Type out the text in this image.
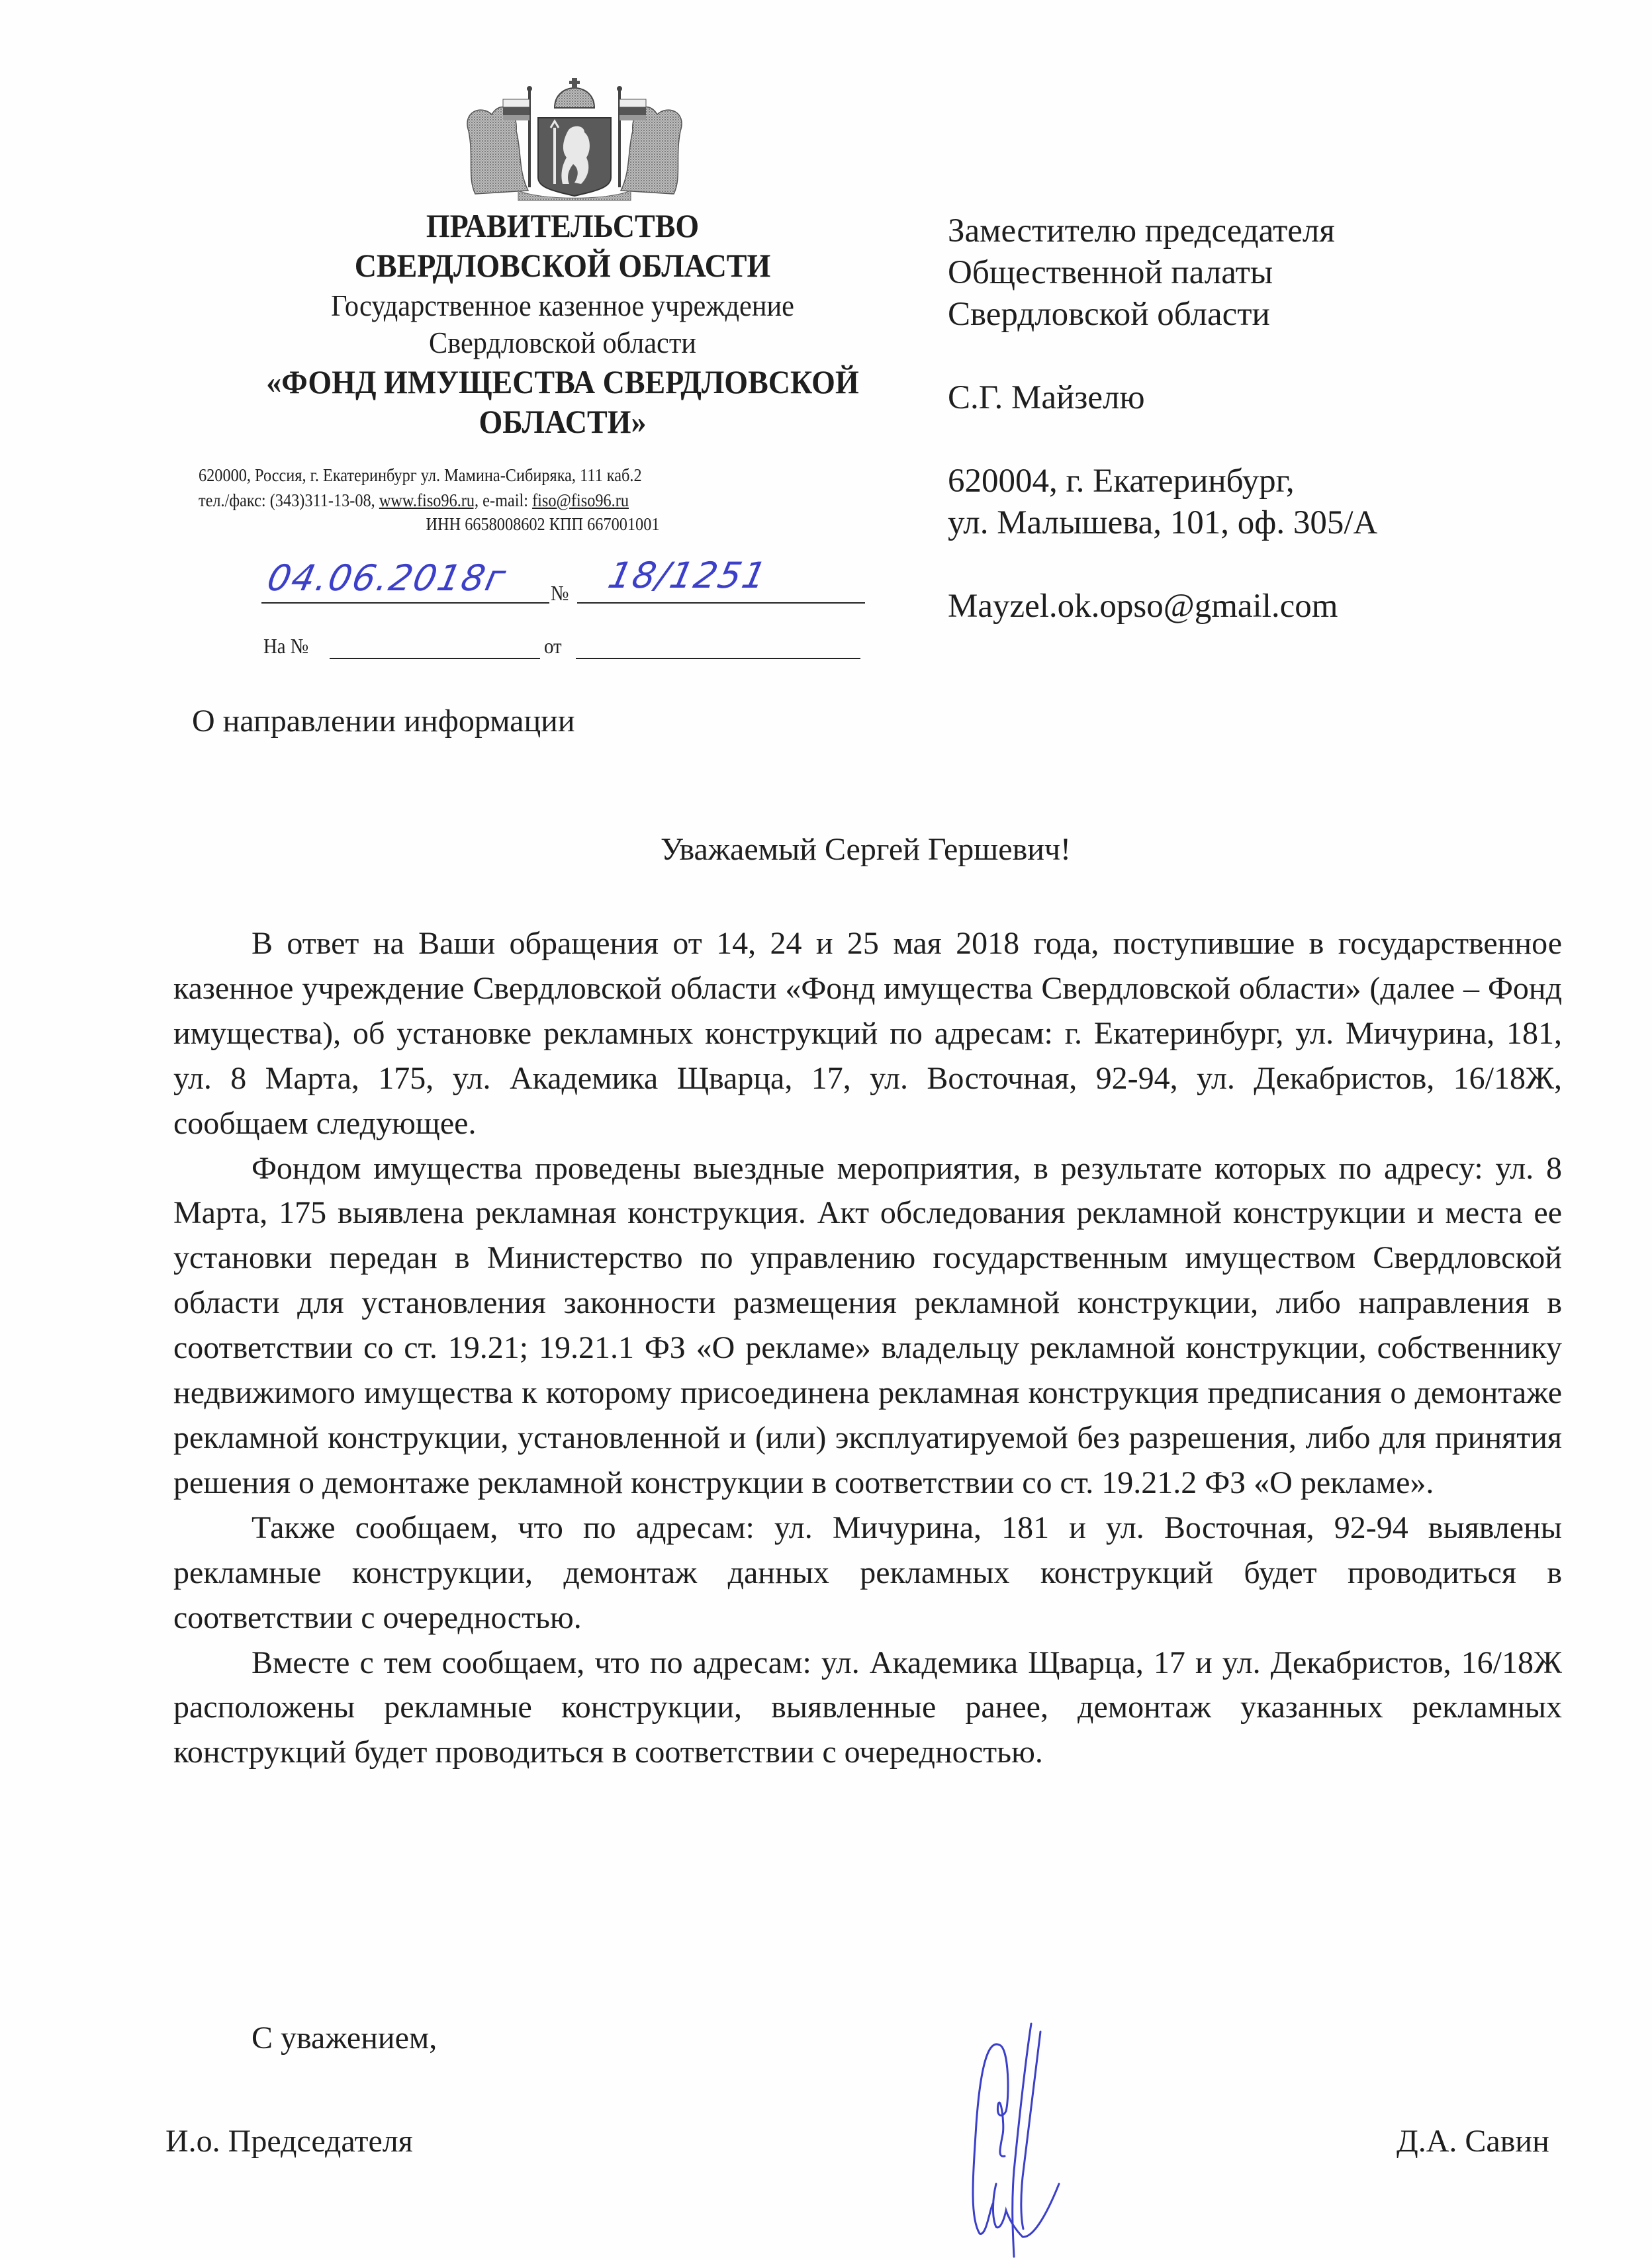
ПРАВИТЕЛЬСТВО
СВЕРДЛОВСКОЙ ОБЛАСТИ
Государственное казенное учреждение
Свердловской области
«ФОНД ИМУЩЕСТВА СВЕРДЛОВСКОЙ
ОБЛАСТИ»
620000, Россия, г. Екатеринбург ул. Мамина-Сибиряка, 111 каб.2
тел./факс: (343)311-13-08, www.fiso96.ru, e-mail: fiso@fiso96.ru
ИНН 6658008602 КПП 667001001
04.06.2018г № 18/1251
На №	от
Заместителю председателя
Общественной палаты
Свердловской области
С.Г. Майзелю
620004, г. Екатеринбург,
ул. Малышева, 101, оф. 305/А
Mayzel.ok.opso@gmail.com
О направлении информации
Уважаемый Сергей Гершевич!

В ответ на Ваши обращения от 14, 24 и 25 мая 2018 года, поступившие в государственное казенное учреждение Свердловской области «Фонд имущества Свердловской области» (далее – Фонд имущества), об установке рекламных конструкций по адресам: г. Екатеринбург, ул. Мичурина, 181, ул. 8 Марта, 175, ул. Академика Щварца, 17, ул. Восточная, 92-94, ул. Декабристов, 16/18Ж, сообщаем следующее.

Фондом имущества проведены выездные мероприятия, в результате которых по адресу: ул. 8 Марта, 175 выявлена рекламная конструкция. Акт обследования рекламной конструкции и места ее установки передан в Министерство по управлению государственным имуществом Свердловской области для установления законности размещения рекламной конструкции, либо направления в соответствии со ст. 19.21; 19.21.1 ФЗ «О рекламе» владельцу рекламной конструкции, собственнику недвижимого имущества к которому присоединена рекламная конструкция предписания о демонтаже рекламной конструкции, установленной и (или) эксплуатируемой без разрешения, либо для принятия решения о демонтаже рекламной конструкции в соответствии со ст. 19.21.2 ФЗ «О рекламе».

Также сообщаем, что по адресам: ул. Мичурина, 181 и ул. Восточная, 92-94 выявлены рекламные конструкции, демонтаж данных рекламных конструкций будет проводиться в соответствии с очередностью.

Вместе с тем сообщаем, что по адресам: ул. Академика Щварца, 17 и ул. Декабристов, 16/18Ж расположены рекламные конструкции, выявленные ранее, демонтаж указанных рекламных конструкций будет проводиться в соответствии с очередностью.

С уважением,
И.о. Председателя	Д.А. Савин
